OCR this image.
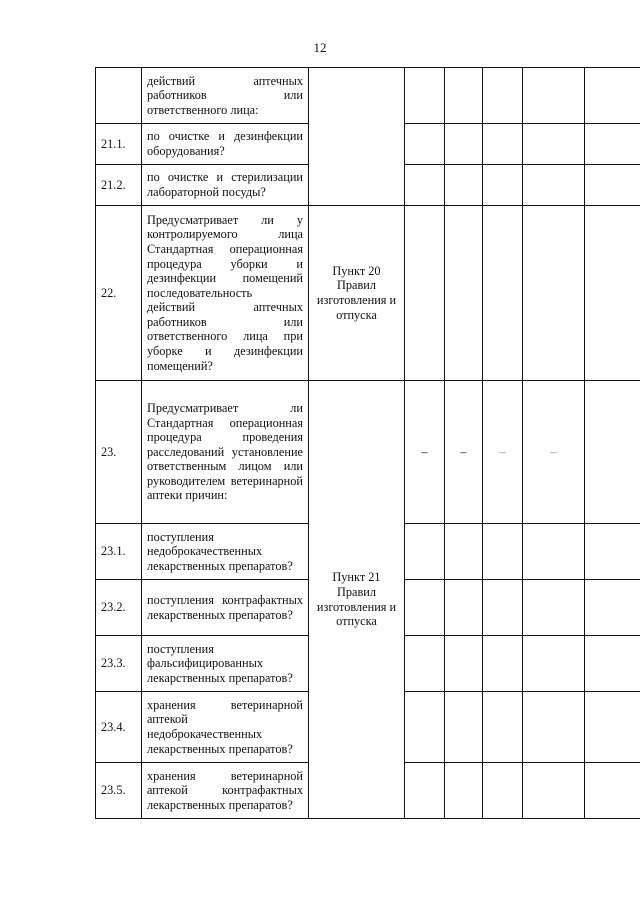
12

	действий аптечных работников или ответственного лица:						

21.1.	по очистке и дезинфекции оборудования?						

21.2.	по очистке и стерилизации лабораторной посуды?						

22.	Предусматривает ли у контролируемого лица Стандартная операционная процедура уборки и дезинфекции помещений последовательность действий аптечных работников или ответственного лица при уборке и дезинфекции помещений?	Пункт 20 Правил изготовления и отпуска					
23.	Предусматривает ли Стандартная операционная процедура проведения расследований установление ответственным лицом или руководителем ветеринарной аптеки причин:	Пункт 21 Правил изготовления и отпуска	–	–	–	–	
23.1.	поступления недоброкачественных лекарственных препаратов?						

23.2.	поступления контрафактных лекарственных препаратов?						

23.3.	поступления фальсифицированных лекарственных препаратов?						

23.4.	хранения ветеринарной аптекой недоброкачественных лекарственных препаратов?						

23.5.	хранения ветеринарной аптекой контрафактных лекарственных препаратов?						
